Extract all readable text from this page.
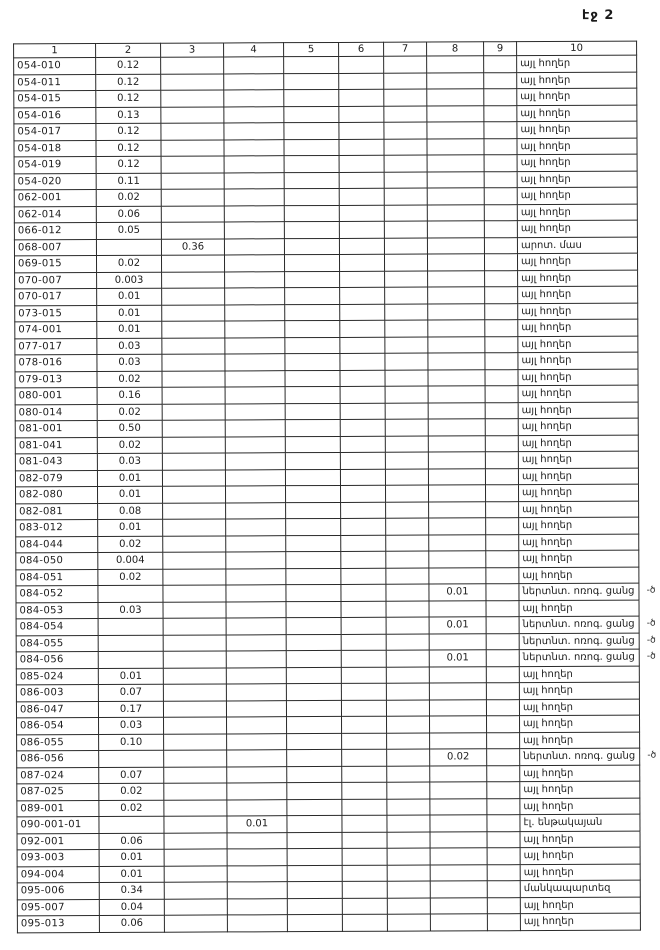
էջ 2
1	2	3	4	5	6	7	8	9	10
054-010	0.12								այլ հողեր

054-011	0.12								այլ հողեր

054-015	0.12								այլ հողեր

054-016	0.13								այլ հողեր

054-017	0.12								այլ հողեր

054-018	0.12								այլ հողեր

054-019	0.12								այլ հողեր

054-020	0.11								այլ հողեր

062-001	0.02								այլ հողեր

062-014	0.06								այլ հողեր

066-012	0.05								այլ հողեր

068-007		0.36							արոտ. մաս

069-015	0.02								այլ հողեր

070-007	0.003								այլ հողեր

070-017	0.01								այլ հողեր

073-015	0.01								այլ հողեր

074-001	0.01								այլ հողեր

077-017	0.03								այլ հողեր

078-016	0.03								այլ հողեր

079-013	0.02								այլ հողեր

080-001	0.16								այլ հողեր

080-014	0.02								այլ հողեր

081-001	0.50								այլ հողեր

081-041	0.02								այլ հողեր

081-043	0.03								այլ հողեր

082-079	0.01								այլ հողեր

082-080	0.01								այլ հողեր

082-081	0.08								այլ հողեր

083-012	0.01								այլ հողեր

084-044	0.02								այլ հողեր

084-050	0.004								այլ հողեր

084-051	0.02								այլ հողեր

084-052							0.01		ներտնտ. ոռոգ. ցանց -ծ

084-053	0.03								այլ հողեր

084-054							0.01		ներտնտ. ոռոգ. ցանց -ծ

084-055									ներտնտ. ոռոգ. ցանց -ծ

084-056							0.01		ներտնտ. ոռոգ. ցանց -ծ

085-024	0.01								այլ հողեր

086-003	0.07								այլ հողեր

086-047	0.17								այլ հողեր

086-054	0.03								այլ հողեր

086-055	0.10								այլ հողեր

086-056							0.02		ներտնտ. ոռոգ. ցանց -ծ

087-024	0.07								այլ հողեր

087-025	0.02								այլ հողեր

089-001	0.02								այլ հողեր

090-001-01			0.01						էլ. ենթակայան

092-001	0.06								այլ հողեր

093-003	0.01								այլ հողեր

094-004	0.01								այլ հողեր

095-006	0.34								մանկապարտեզ

095-007	0.04								այլ հողեր

095-013	0.06								այլ հողեր
